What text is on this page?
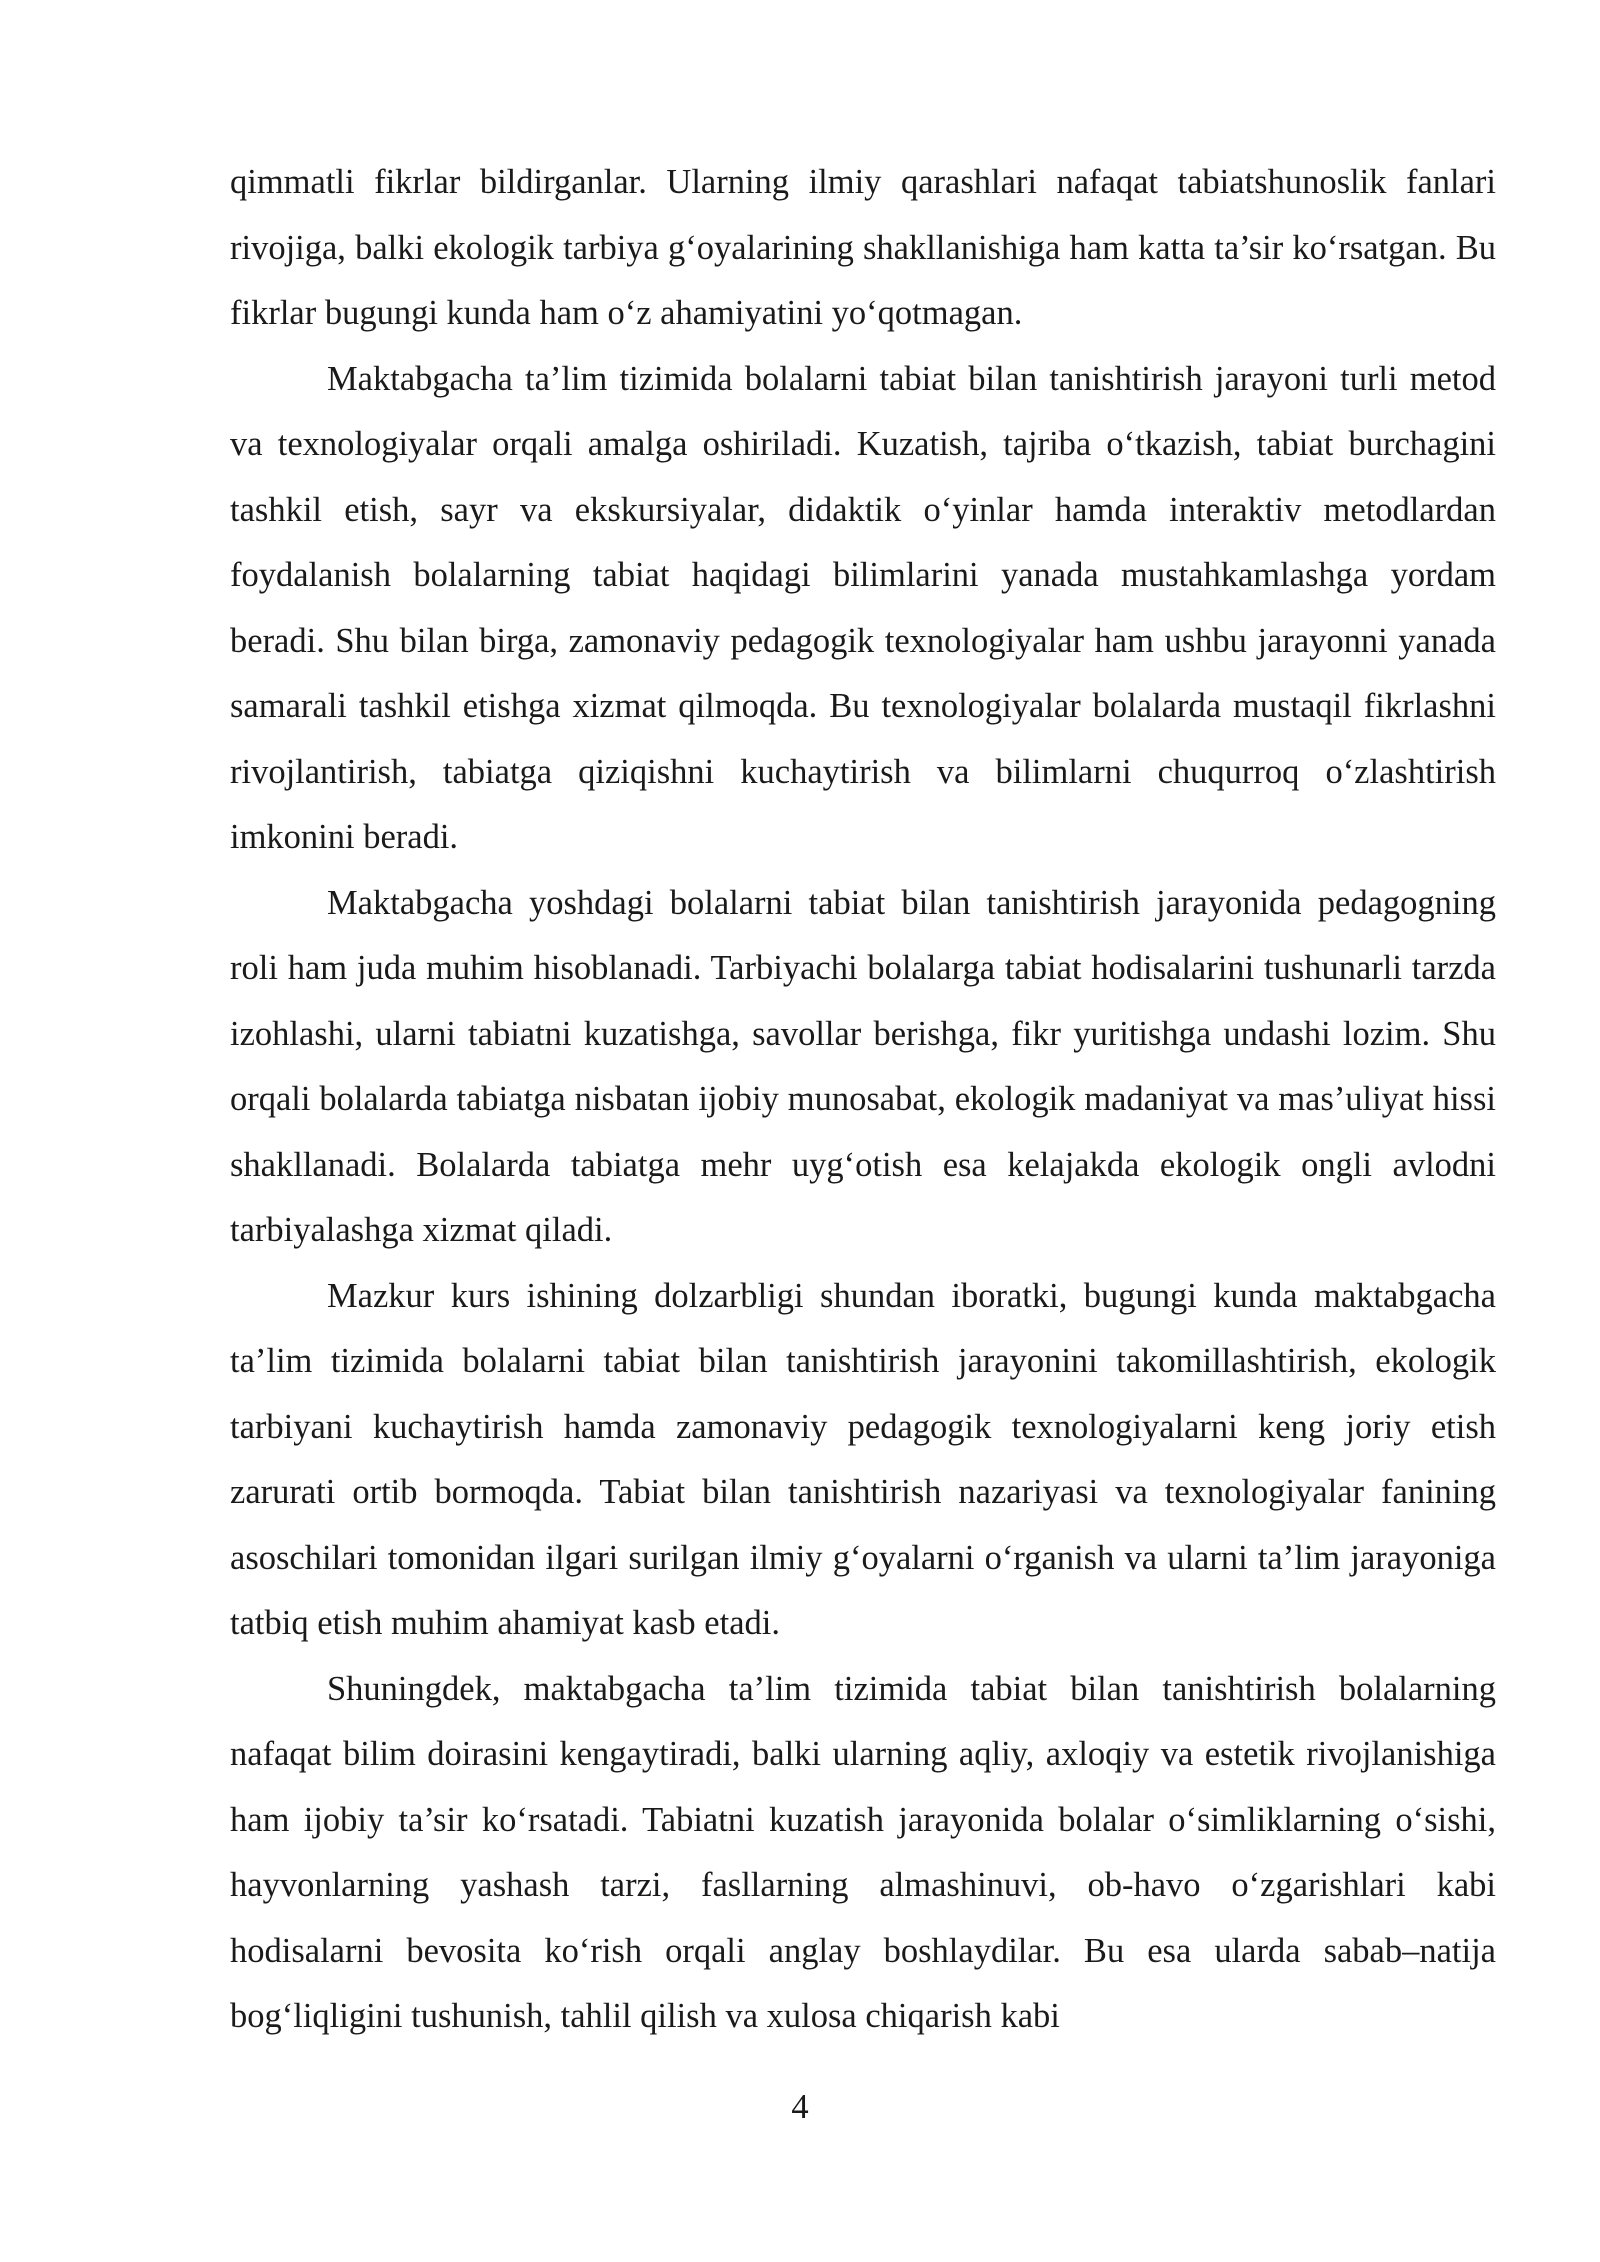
qimmatli fikrlar bildirganlar. Ularning ilmiy qarashlari nafaqat tabiatshunoslik fanlari rivojiga, balki ekologik tarbiya g‘oyalarining shakllanishiga ham katta ta’sir ko‘rsatgan. Bu fikrlar bugungi kunda ham o‘z ahamiyatini yo‘qotmagan.

Maktabgacha ta’lim tizimida bolalarni tabiat bilan tanishtirish jarayoni turli metod va texnologiyalar orqali amalga oshiriladi. Kuzatish, tajriba o‘tkazish, tabiat burchagini tashkil etish, sayr va ekskursiyalar, didaktik o‘yinlar hamda interaktiv metodlardan foydalanish bolalarning tabiat haqidagi bilimlarini yanada mustahkamlashga yordam beradi. Shu bilan birga, zamonaviy pedagogik texnologiyalar ham ushbu jarayonni yanada samarali tashkil etishga xizmat qilmoqda. Bu texnologiyalar bolalarda mustaqil fikrlashni rivojlantirish, tabiatga qiziqishni kuchaytirish va bilimlarni chuqurroq o‘zlashtirish imkonini beradi.

Maktabgacha yoshdagi bolalarni tabiat bilan tanishtirish jarayonida pedagogning roli ham juda muhim hisoblanadi. Tarbiyachi bolalarga tabiat hodisalarini tushunarli tarzda izohlashi, ularni tabiatni kuzatishga, savollar berishga, fikr yuritishga undashi lozim. Shu orqali bolalarda tabiatga nisbatan ijobiy munosabat, ekologik madaniyat va mas’uliyat hissi shakllanadi. Bolalarda tabiatga mehr uyg‘otish esa kelajakda ekologik ongli avlodni tarbiyalashga xizmat qiladi.

Mazkur kurs ishining dolzarbligi shundan iboratki, bugungi kunda maktabgacha ta’lim tizimida bolalarni tabiat bilan tanishtirish jarayonini takomillashtirish, ekologik tarbiyani kuchaytirish hamda zamonaviy pedagogik texnologiyalarni keng joriy etish zarurati ortib bormoqda. Tabiat bilan tanishtirish nazariyasi va texnologiyalar fanining asoschilari tomonidan ilgari surilgan ilmiy g‘oyalarni o‘rganish va ularni ta’lim jarayoniga tatbiq etish muhim ahamiyat kasb etadi.

Shuningdek, maktabgacha ta’lim tizimida tabiat bilan tanishtirish bolalarning nafaqat bilim doirasini kengaytiradi, balki ularning aqliy, axloqiy va estetik rivojlanishiga ham ijobiy ta’sir ko‘rsatadi. Tabiatni kuzatish jarayonida bolalar o‘simliklarning o‘sishi, hayvonlarning yashash tarzi, fasllarning almashinuvi, ob-havo o‘zgarishlari kabi hodisalarni bevosita ko‘rish orqali anglay boshlaydilar. Bu esa ularda sabab–natija bog‘liqligini tushunish, tahlil qilish va xulosa chiqarish kabi

4
